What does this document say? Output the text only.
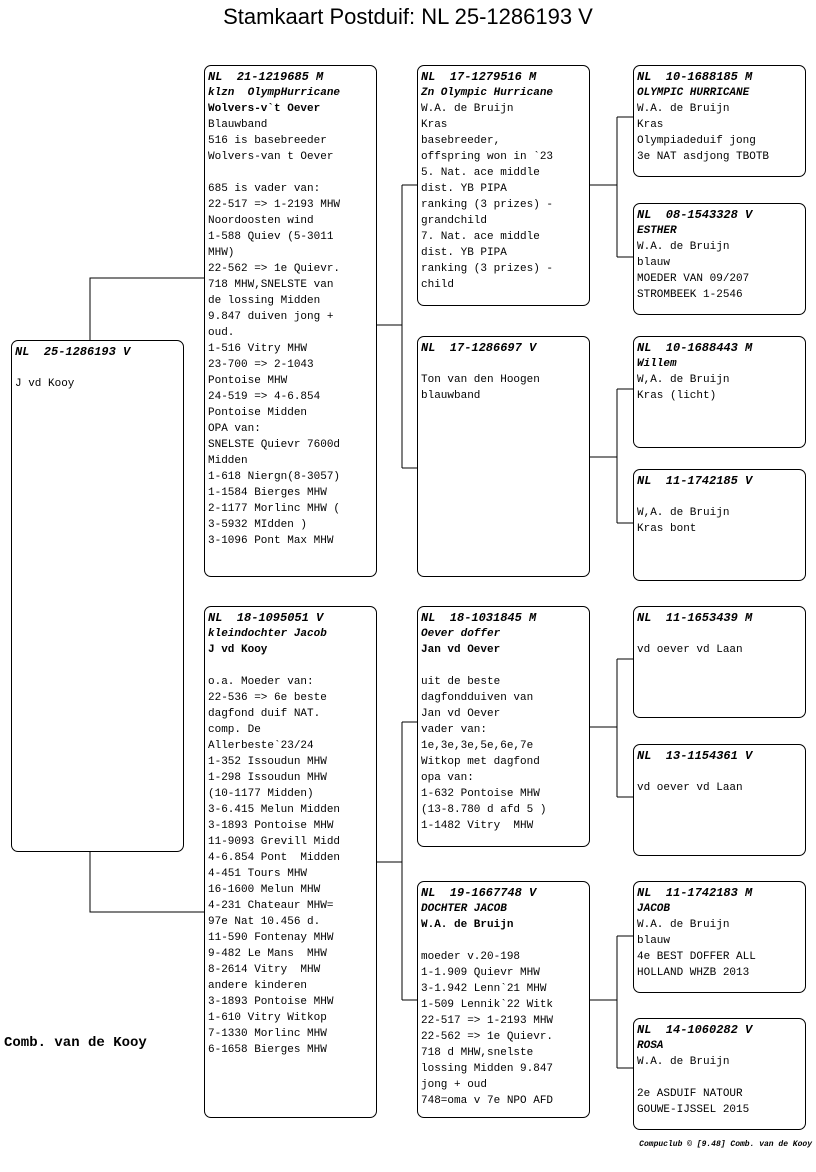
Stamkaart Postduif: NL 25-1286193 V
NL  25-1286193 V
J vd Kooy
NL  21-1219685 M
klzn  OlympHurricane
Wolvers-v`t Oever
Blauwband
516 is basebreeder
Wolvers-van t Oever
685 is vader van:
22-517 => 1-2193 MHW
Noordoosten wind
1-588 Quiev (5-3011
MHW)
22-562 => 1e Quievr.
718 MHW,SNELSTE van
de lossing Midden
9.847 duiven jong +
oud.
1-516 Vitry MHW
23-700 => 2-1043
Pontoise MHW
24-519 => 4-6.854
Pontoise Midden
OPA van:
SNELSTE Quievr 7600d
Midden
1-618 Niergn(8-3057)
1-1584 Bierges MHW
2-1177 Morlinc MHW (
3-5932 MIdden )
3-1096 Pont Max MHW
NL  18-1095051 V
kleindochter Jacob
J vd Kooy
o.a. Moeder van:
22-536 => 6e beste
dagfond duif NAT.
comp. De
Allerbeste`23/24
1-352 Issoudun MHW
1-298 Issoudun MHW
(10-1177 Midden)
3-6.415 Melun Midden
3-1893 Pontoise MHW
11-9093 Grevill Midd
4-6.854 Pont  Midden
4-451 Tours MHW
16-1600 Melun MHW
4-231 Chateaur MHW=
97e Nat 10.456 d.
11-590 Fontenay MHW
9-482 Le Mans  MHW
8-2614 Vitry  MHW
andere kinderen
3-1893 Pontoise MHW
1-610 Vitry Witkop
7-1330 Morlinc MHW
6-1658 Bierges MHW
NL  17-1279516 M
Zn Olympic Hurricane
W.A. de Bruijn
Kras
basebreeder,
offspring won in `23
5. Nat. ace middle
dist. YB PIPA
ranking (3 prizes) -
grandchild
7. Nat. ace middle
dist. YB PIPA
ranking (3 prizes) -
child
NL  17-1286697 V
Ton van den Hoogen
blauwband
NL  18-1031845 M
Oever doffer
Jan vd Oever
uit de beste
dagfondduiven van
Jan vd Oever
vader van:
1e,3e,3e,5e,6e,7e
Witkop met dagfond
opa van:
1-632 Pontoise MHW
(13-8.780 d afd 5 )
1-1482 Vitry  MHW
NL  19-1667748 V
DOCHTER JACOB
W.A. de Bruijn
moeder v.20-198
1-1.909 Quievr MHW
3-1.942 Lenn`21 MHW
1-509 Lennik`22 Witk
22-517 => 1-2193 MHW
22-562 => 1e Quievr.
718 d MHW,snelste
lossing Midden 9.847
jong + oud
748=oma v 7e NPO AFD
NL  10-1688185 M
OLYMPIC HURRICANE
W.A. de Bruijn
Kras
Olympiadeduif jong
3e NAT asdjong TBOTB
NL  08-1543328 V
ESTHER
W.A. de Bruijn
blauw
MOEDER VAN 09/207
STROMBEEK 1-2546
NL  10-1688443 M
Willem
W,A. de Bruijn
Kras (licht)
NL  11-1742185 V
W,A. de Bruijn
Kras bont
NL  11-1653439 M
vd oever vd Laan
NL  13-1154361 V
vd oever vd Laan
NL  11-1742183 M
JACOB
W.A. de Bruijn
blauw
4e BEST DOFFER ALL
HOLLAND WHZB 2013
NL  14-1060282 V
ROSA
W.A. de Bruijn
2e ASDUIF NATOUR
GOUWE-IJSSEL 2015
Comb. van de Kooy
Compuclub © [9.48] Comb. van de Kooy
